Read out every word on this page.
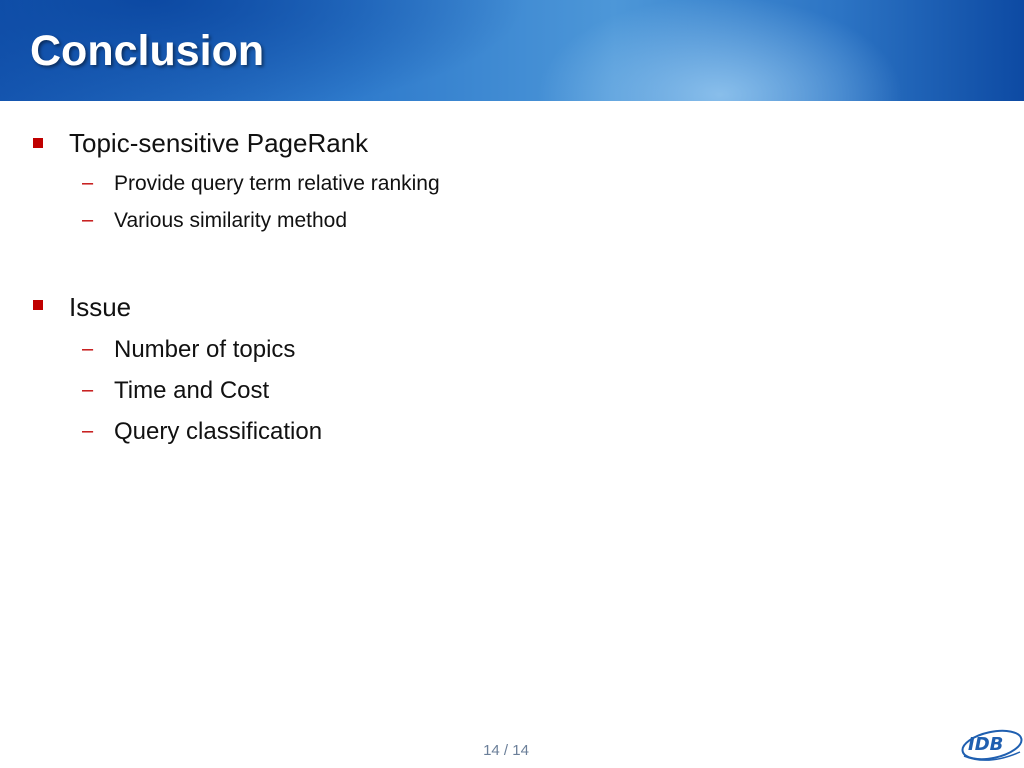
Conclusion
Topic-sensitive PageRank
– Provide query term relative ranking
– Various similarity method
Issue
– Number of topics
– Time and Cost
– Query classification
14 / 14	IDB
